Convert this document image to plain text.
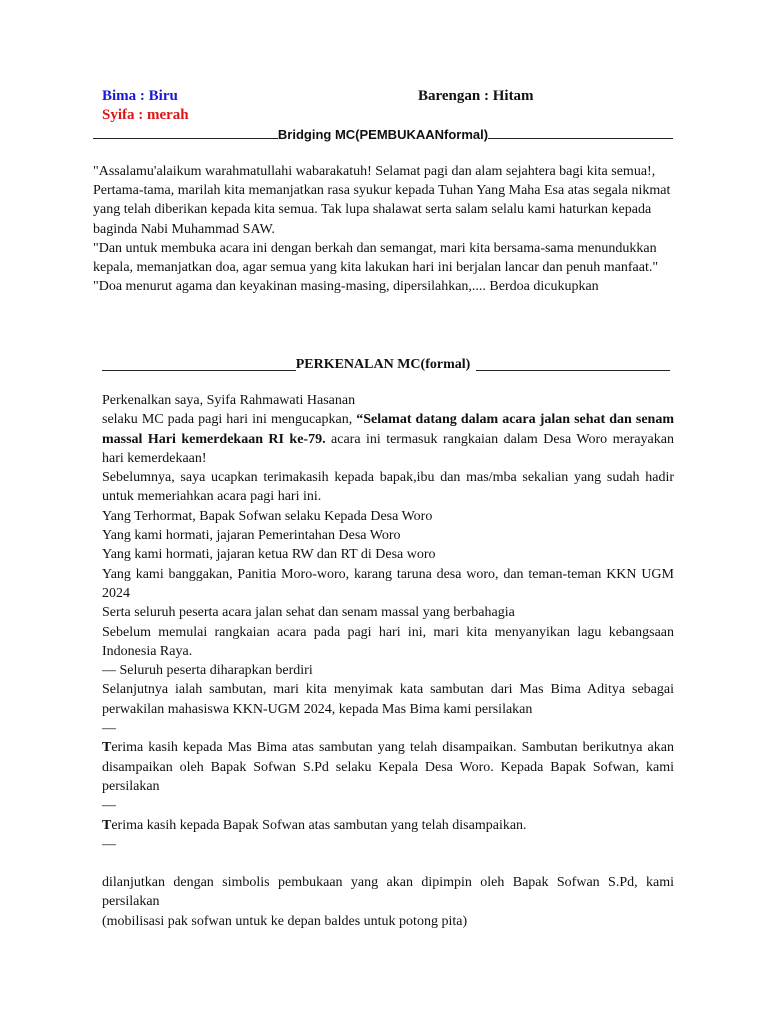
Bima : Biru
Syifa : merah
Barengan : Hitam
Bridging MC(PEMBUKAANformal)

"Assalamu'alaikum warahmatullahi wabarakatuh! Selamat pagi dan alam sejahtera bagi kita semua!,

Pertama-tama, marilah kita memanjatkan rasa syukur kepada Tuhan Yang Maha Esa atas segala nikmat yang telah diberikan kepada kita semua. Tak lupa shalawat serta salam selalu kami haturkan kepada baginda Nabi Muhammad SAW.

"Dan untuk membuka acara ini dengan berkah dan semangat, mari kita bersama-sama menundukkan kepala, memanjatkan doa, agar semua yang kita lakukan hari ini berjalan lancar dan penuh manfaat."

"Doa menurut agama dan keyakinan masing-masing, dipersilahkan,.... Berdoa dicukupkan

PERKENALAN MC(formal)

Perkenalkan saya, Syifa Rahmawati Hasanan

selaku MC pada pagi hari ini mengucapkan, “Selamat datang dalam acara jalan sehat dan senam massal Hari kemerdekaan RI ke-79. acara ini termasuk rangkaian dalam Desa Woro merayakan hari kemerdekaan!

Sebelumnya, saya ucapkan terimakasih kepada bapak,ibu dan mas/mba sekalian yang sudah hadir untuk memeriahkan acara pagi hari ini.

Yang Terhormat, Bapak Sofwan selaku Kepada Desa Woro

Yang kami hormati, jajaran Pemerintahan Desa Woro

Yang kami hormati, jajaran ketua RW dan RT di Desa woro

Yang kami banggakan, Panitia Moro-woro, karang taruna desa woro, dan teman-teman KKN UGM 2024

Serta seluruh peserta acara jalan sehat dan senam massal yang berbahagia

Sebelum memulai rangkaian acara pada pagi hari ini, mari kita menyanyikan lagu kebangsaan Indonesia Raya.

— Seluruh peserta diharapkan berdiri

Selanjutnya ialah sambutan, mari kita menyimak kata sambutan dari Mas Bima Aditya sebagai perwakilan mahasiswa KKN-UGM 2024, kepada Mas Bima kami persilakan

—

Terima kasih kepada Mas Bima atas sambutan yang telah disampaikan. Sambutan berikutnya akan disampaikan oleh Bapak Sofwan S.Pd selaku Kepala Desa Woro. Kepada Bapak Sofwan, kami persilakan

—

Terima kasih kepada Bapak Sofwan atas sambutan yang telah disampaikan.

—

dilanjutkan dengan simbolis pembukaan yang akan dipimpin oleh Bapak Sofwan S.Pd, kami persilakan

(mobilisasi pak sofwan untuk ke depan baldes untuk potong pita)
